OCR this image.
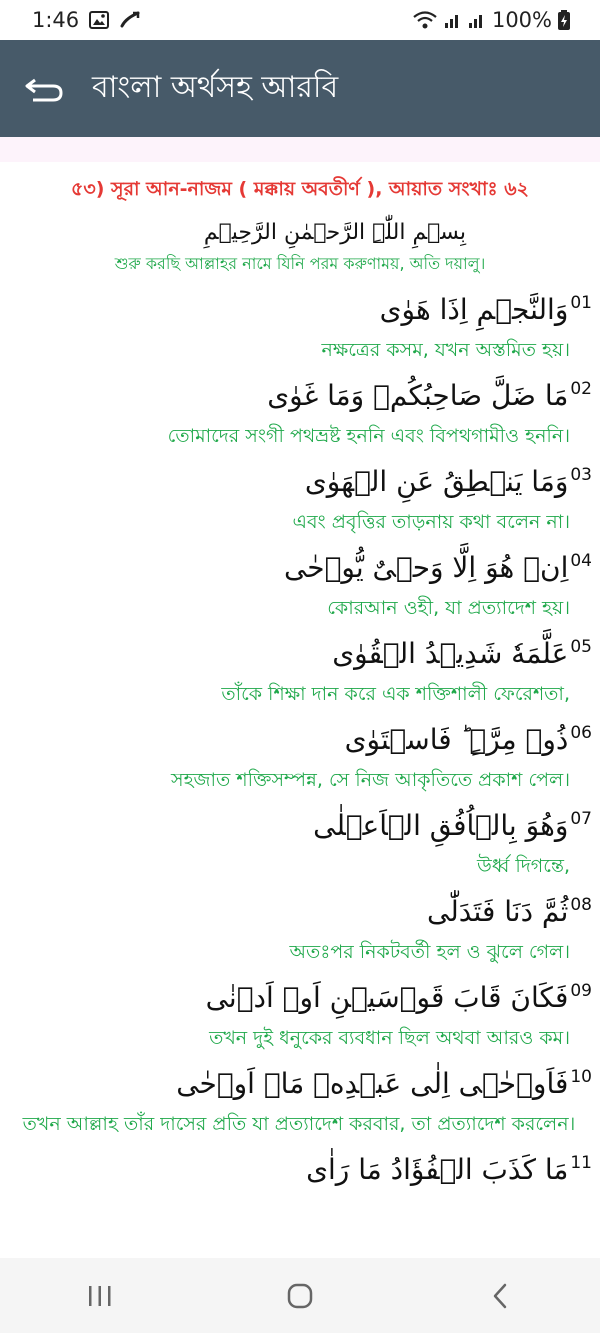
1:46	100%
বাংলা অর্থসহ আরবি
৫৩) সূরা আন-নাজম ( মক্কায় অবতীর্ণ ), আয়াত সংখাঃ ৬২
بِسۡمِ اللّٰہِ الرَّحۡمٰنِ الرَّحِیۡمِ
শুরু করছি আল্লাহর নামে যিনি পরম করুণাময়, অতি দয়ালু।
وَالنَّجۡمِ اِذَا هَوٰی 01
নক্ষত্রের কসম, যখন অস্তমিত হয়।
مَا ضَلَّ صَاحِبُكُمۡ وَمَا غَوٰی 02
তোমাদের সংগী পথভ্রষ্ট হননি এবং বিপথগামীও হননি।
وَمَا یَنۡطِقُ عَنِ الۡهَوٰی 03
এবং প্রবৃত্তির তাড়নায় কথা বলেন না।
اِنۡ هُوَ اِلَّا وَحۡیٌ یُّوۡحٰی 04
কোরআন ওহী, যা প্রত্যাদেশ হয়।
عَلَّمَهٗ شَدِیۡدُ الۡقُوٰی 05
তাঁকে শিক্ষা দান করে এক শক্তিশালী ফেরেশতা,
ذُوۡ مِرَّۃٍ ؕ فَاسۡتَوٰی 06
সহজাত শক্তিসম্পন্ন, সে নিজ আকৃতিতে প্রকাশ পেল।
وَهُوَ بِالۡاُفُقِ الۡاَعۡلٰی 07
উর্ধ্ব দিগন্তে,
ثُمَّ دَنَا فَتَدَلّٰی 08
অতঃপর নিকটবর্তী হল ও ঝুলে গেল।
فَكَانَ قَابَ قَوۡسَیۡنِ اَوۡ اَدۡنٰی 09
তখন দুই ধনুকের ব্যবধান ছিল অথবা আরও কম।
فَاَوۡحٰۤی اِلٰی عَبۡدِهٖ مَاۤ اَوۡحٰی 10
তখন আল্লাহ তাঁর দাসের প্রতি যা প্রত্যাদেশ করবার, তা প্রত্যাদেশ করলেন।
مَا كَذَبَ الۡفُؤَادُ مَا رَاٰی 11
